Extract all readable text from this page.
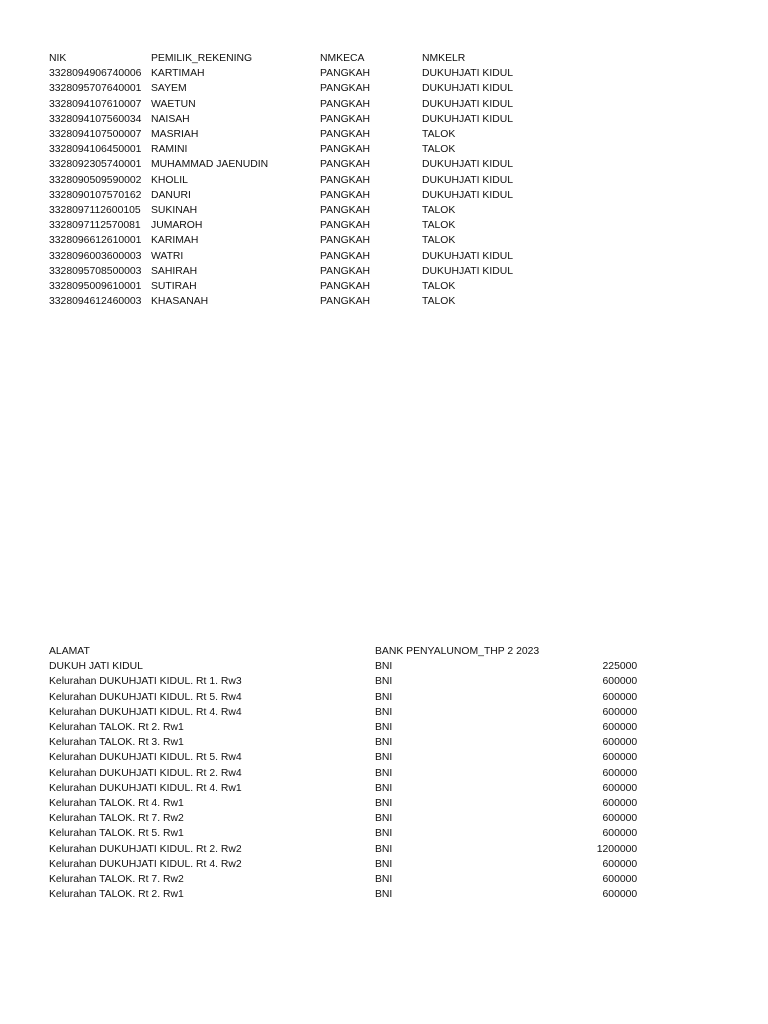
NIK	PEMILIK_REKENING	NMKECA	NMKELR
3328094906740006	KARTIMAH	PANGKAH	DUKUHJATI KIDUL
3328095707640001	SAYEM	PANGKAH	DUKUHJATI KIDUL
3328094107610007	WAETUN	PANGKAH	DUKUHJATI KIDUL
3328094107560034	NAISAH	PANGKAH	DUKUHJATI KIDUL
3328094107500007	MASRIAH	PANGKAH	TALOK
3328094106450001	RAMINI	PANGKAH	TALOK
3328092305740001	MUHAMMAD JAENUDIN	PANGKAH	DUKUHJATI KIDUL
3328090509590002	KHOLIL	PANGKAH	DUKUHJATI KIDUL
3328090107570162	DANURI	PANGKAH	DUKUHJATI KIDUL
3328097112600105	SUKINAH	PANGKAH	TALOK
3328097112570081	JUMAROH	PANGKAH	TALOK
3328096612610001	KARIMAH	PANGKAH	TALOK
3328096003600003	WATRI	PANGKAH	DUKUHJATI KIDUL
3328095708500003	SAHIRAH	PANGKAH	DUKUHJATI KIDUL
3328095009610001	SUTIRAH	PANGKAH	TALOK
3328094612460003	KHASANAH	PANGKAH	TALOK
ALAMAT	BANK PENYALUNOM_THP 2 2023	
DUKUH JATI KIDUL	BNI	225000
Kelurahan DUKUHJATI KIDUL. Rt 1. Rw3	BNI	600000
Kelurahan DUKUHJATI KIDUL. Rt 5. Rw4	BNI	600000
Kelurahan DUKUHJATI KIDUL. Rt 4. Rw4	BNI	600000
Kelurahan TALOK. Rt 2. Rw1	BNI	600000
Kelurahan TALOK. Rt 3. Rw1	BNI	600000
Kelurahan DUKUHJATI KIDUL. Rt 5. Rw4	BNI	600000
Kelurahan DUKUHJATI KIDUL. Rt 2. Rw4	BNI	600000
Kelurahan DUKUHJATI KIDUL. Rt 4. Rw1	BNI	600000
Kelurahan TALOK. Rt 4. Rw1	BNI	600000
Kelurahan TALOK. Rt 7. Rw2	BNI	600000
Kelurahan TALOK. Rt 5. Rw1	BNI	600000
Kelurahan DUKUHJATI KIDUL. Rt 2. Rw2	BNI	1200000
Kelurahan DUKUHJATI KIDUL. Rt 4. Rw2	BNI	600000
Kelurahan TALOK. Rt 7. Rw2	BNI	600000
Kelurahan TALOK. Rt 2. Rw1	BNI	600000
